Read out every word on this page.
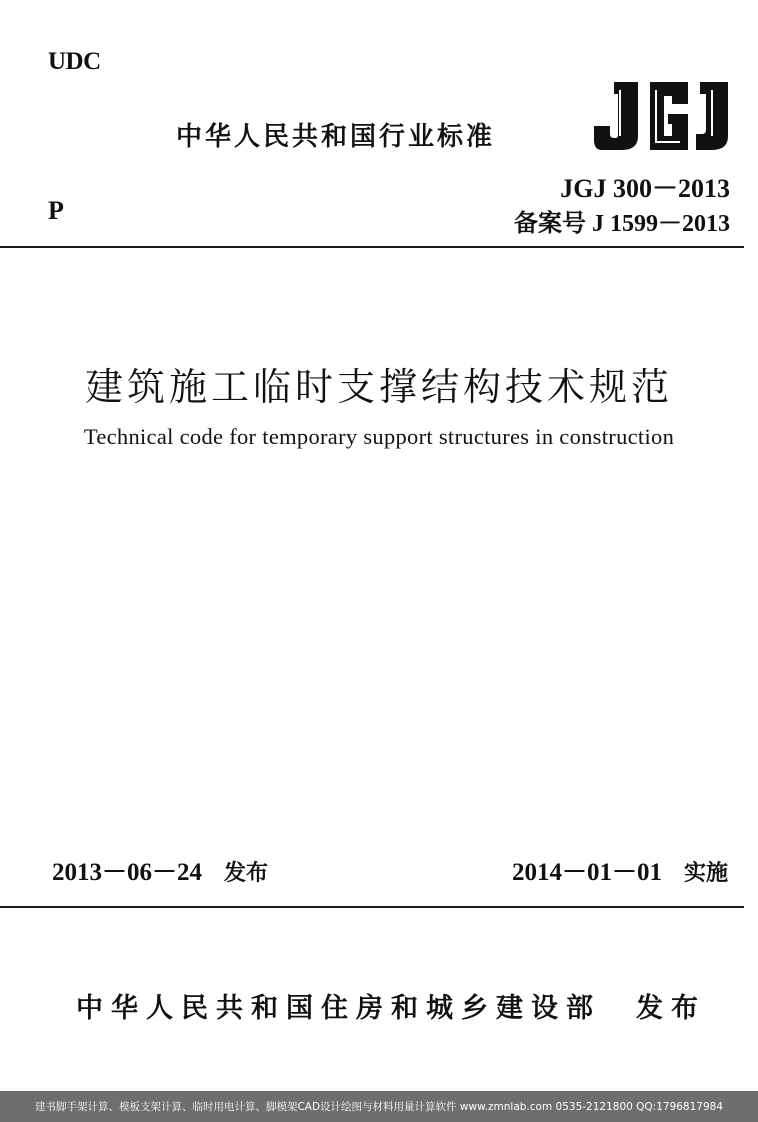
UDC
中华人民共和国行业标准
P
JGJ 300－2013
备案号 J 1599－2013
建筑施工临时支撑结构技术规范
Technical code for temporary support structures in construction
2013－06－24 发布	2014－01－01 实施
中华人民共和国住房和城乡建设部 发布
建书脚手架计算、模板支架计算、临时用电计算、脚模架CAD设计绘图与材料用量计算软件 www.zmnlab.com 0535-2121800 QQ:1796817984
